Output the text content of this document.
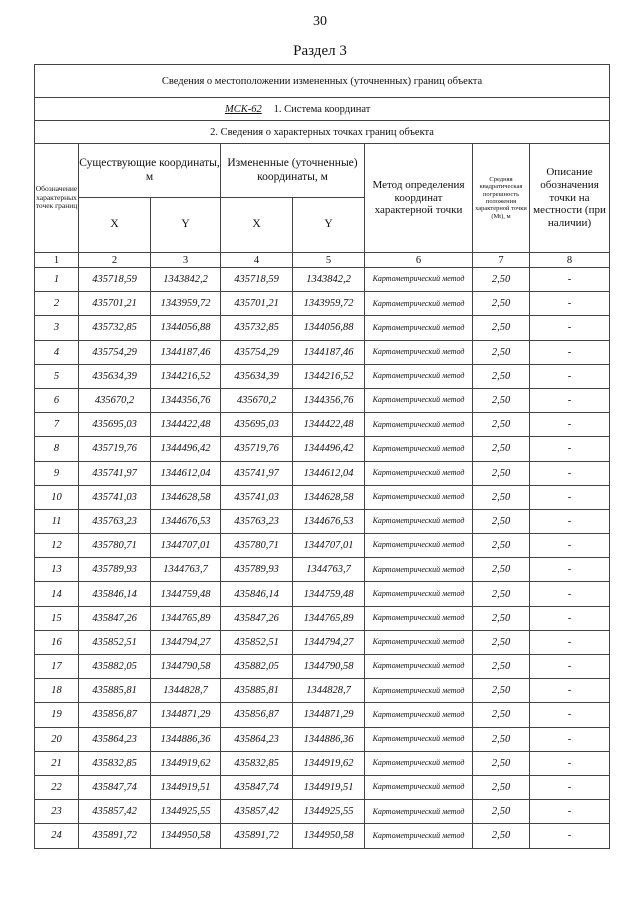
30
Раздел 3
Сведения о местоположении измененных (уточненных) границ объекта							
1. Система координат
МСК-62							

2. Сведения о характерных точках границ объекта							
Обозначение характерных точек границ	Существующие координаты, м		Измененные (уточненные) координаты, м		Метод определения координат характерной точки	Средняя квадратическая погрешность положения характерной точки (Mt), м	Описание обозначения точки на местности (при наличии)
	X	Y	X	Y			
1	2	3	4	5	6	7	8
1	435718,59	1343842,2	435718,59	1343842,2	Картометрический метод	2,50	-
2	435701,21	1343959,72	435701,21	1343959,72	Картометрический метод	2,50	-
3	435732,85	1344056,88	435732,85	1344056,88	Картометрический метод	2,50	-
4	435754,29	1344187,46	435754,29	1344187,46	Картометрический метод	2,50	-
5	435634,39	1344216,52	435634,39	1344216,52	Картометрический метод	2,50	-
6	435670,2	1344356,76	435670,2	1344356,76	Картометрический метод	2,50	-
7	435695,03	1344422,48	435695,03	1344422,48	Картометрический метод	2,50	-
8	435719,76	1344496,42	435719,76	1344496,42	Картометрический метод	2,50	-
9	435741,97	1344612,04	435741,97	1344612,04	Картометрический метод	2,50	-
10	435741,03	1344628,58	435741,03	1344628,58	Картометрический метод	2,50	-
11	435763,23	1344676,53	435763,23	1344676,53	Картометрический метод	2,50	-
12	435780,71	1344707,01	435780,71	1344707,01	Картометрический метод	2,50	-
13	435789,93	1344763,7	435789,93	1344763,7	Картометрический метод	2,50	-
14	435846,14	1344759,48	435846,14	1344759,48	Картометрический метод	2,50	-
15	435847,26	1344765,89	435847,26	1344765,89	Картометрический метод	2,50	-
16	435852,51	1344794,27	435852,51	1344794,27	Картометрический метод	2,50	-
17	435882,05	1344790,58	435882,05	1344790,58	Картометрический метод	2,50	-
18	435885,81	1344828,7	435885,81	1344828,7	Картометрический метод	2,50	-
19	435856,87	1344871,29	435856,87	1344871,29	Картометрический метод	2,50	-
20	435864,23	1344886,36	435864,23	1344886,36	Картометрический метод	2,50	-
21	435832,85	1344919,62	435832,85	1344919,62	Картометрический метод	2,50	-
22	435847,74	1344919,51	435847,74	1344919,51	Картометрический метод	2,50	-
23	435857,42	1344925,55	435857,42	1344925,55	Картометрический метод	2,50	-
24	435891,72	1344950,58	435891,72	1344950,58	Картометрический метод	2,50	-
